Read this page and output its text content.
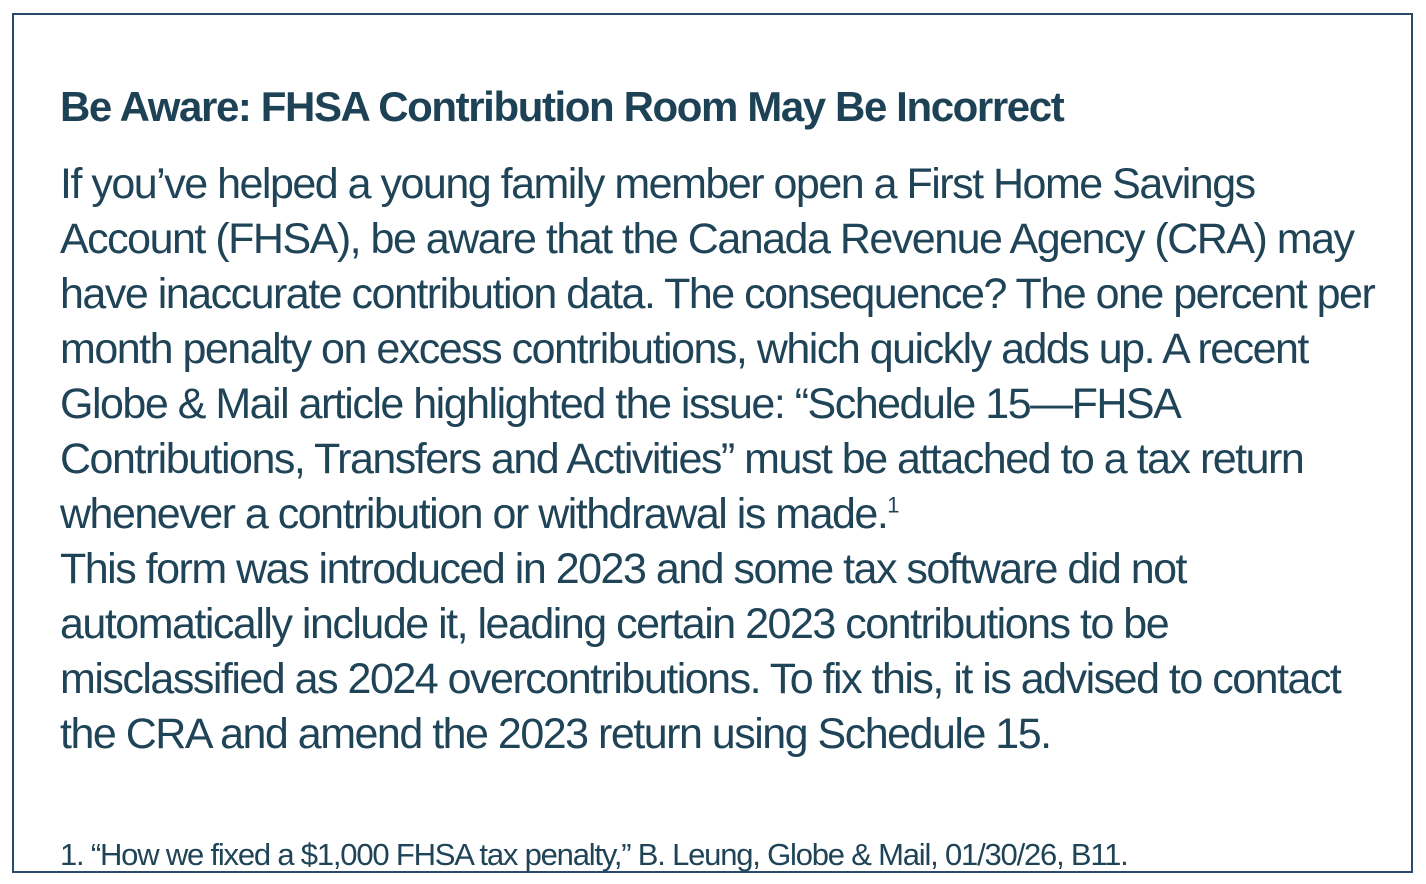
Be Aware: FHSA Contribution Room May Be Incorrect

If you’ve helped a young family member open a First Home Savings Account (FHSA), be aware that the Canada Revenue Agency (CRA) may have inaccurate contribution data. The consequence? The one percent per month penalty on excess contributions, which quickly adds up. A recent Globe & Mail article highlighted the issue: “Schedule 15—FHSA Contributions, Transfers and Activities” must be attached to a tax return whenever a contribution or withdrawal is made.$^1$

This form was introduced in 2023 and some tax software did not automatically include it, leading certain 2023 contributions to be misclassified as 2024 overcontributions. To fix this, it is advised to contact the CRA and amend the 2023 return using Schedule 15.

1. “How we fixed a $1,000 FHSA tax penalty,” B. Leung, Globe & Mail, 01/30/26, B11.
